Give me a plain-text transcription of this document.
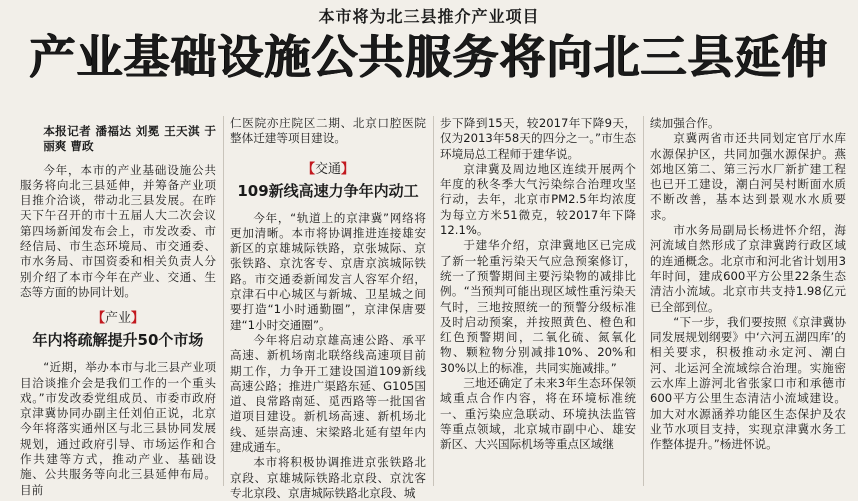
本市将为北三县推介产业项目
产业基础设施公共服务将向北三县延伸
本报记者 潘福达 刘冕 王天淇 于丽爽 曹政

今年，本市的产业基础设施公共服务将向北三县延伸，并筹备产业项目推介洽谈，带动北三县发展。在昨天下午召开的市十五届人大二次会议第四场新闻发布会上，市发改委、市经信局、市生态环境局、市交通委、市水务局、市国资委和相关负责人分别介绍了本市今年在产业、交通、生态等方面的协同计划。

【产业】
年内将疏解提升50个市场

“近期，举办本市与北三县产业项目洽谈推介会是我们工作的一个重头戏。”市发改委党组成员、市委市政府京津冀协同办副主任刘伯正说，北京今年将落实通州区与北三县协同发展规划，通过政府引导、市场运作和合作共建等方式，推动产业、基础设施、公共服务等向北三县延伸布局。目前

仁医院亦庄院区二期、北京口腔医院整体迁建等项目建设。

【交通】
109新线高速力争年内动工

今年，“轨道上的京津冀”网络将更加清晰。本市将协调推进连接雄安新区的京雄城际铁路，京张城际、京张铁路、京沈客专、京唐京滨城际铁路。市交通委新闻发言人容军介绍，京津石中心城区与新城、卫星城之间要打造“1小时通勤圈”，京津保唐要建“1小时交通圈”。

今年将启动京雄高速公路、承平高速、新机场南北联络线高速项目前期工作，力争开工建设国道109新线高速公路；推进广渠路东延、G105国道、良常路南延、觅西路等一批国省道项目建设。新机场高速、新机场北线、延崇高速、宋梁路北延有望年内建成通车。

本市将积极协调推进京张铁路北京段、京雄城际铁路北京段、京沈客专北京段、京唐城际铁路北京段、城

步下降到15天，较2017年下降9天，仅为2013年58天的四分之一。”市生态环境局总工程师于建华说。

京津冀及周边地区连续开展两个年度的秋冬季大气污染综合治理攻坚行动，去年，北京市PM2.5年均浓度为每立方米51微克，较2017年下降12.1%。

于建华介绍，京津冀地区已完成了新一轮重污染天气应急预案修订，统一了预警期间主要污染物的减排比例。“当预判可能出现区域性重污染天气时，三地按照统一的预警分级标准及时启动预案，并按照黄色、橙色和红色预警期间，二氧化硫、氮氧化物、颗粒物分别减排10%、20%和30%以上的标准，共同实施减排。”

三地还确定了未来3年生态环保领域重点合作内容，将在环境标准统一、重污染应急联动、环境执法监管等重点领域，北京城市副中心、雄安新区、大兴国际机场等重点区域继

续加强合作。

京冀两省市还共同划定官厅水库水源保护区，共同加强水源保护。燕郊地区第二、第三污水厂新扩建工程也已开工建设，潮白河吴村断面水质不断改善，基本达到景观水水质要求。

市水务局副局长杨进怀介绍，海河流域自然形成了京津冀跨行政区域的连通概念。北京市和河北省计划用3年时间，建成600平方公里22条生态清洁小流域。北京市共支持1.98亿元已全部到位。

“下一步，我们要按照《京津冀协同发展规划纲要》中‘六河五湖四库’的相关要求，积极推动永定河、潮白河、北运河全流域综合治理。实施密云水库上游河北省张家口市和承德市600平方公里生态清洁小流域建设。加大对水源涵养功能区生态保护及农业节水项目支持，实现京津冀水务工作整体提升。”杨进怀说。
